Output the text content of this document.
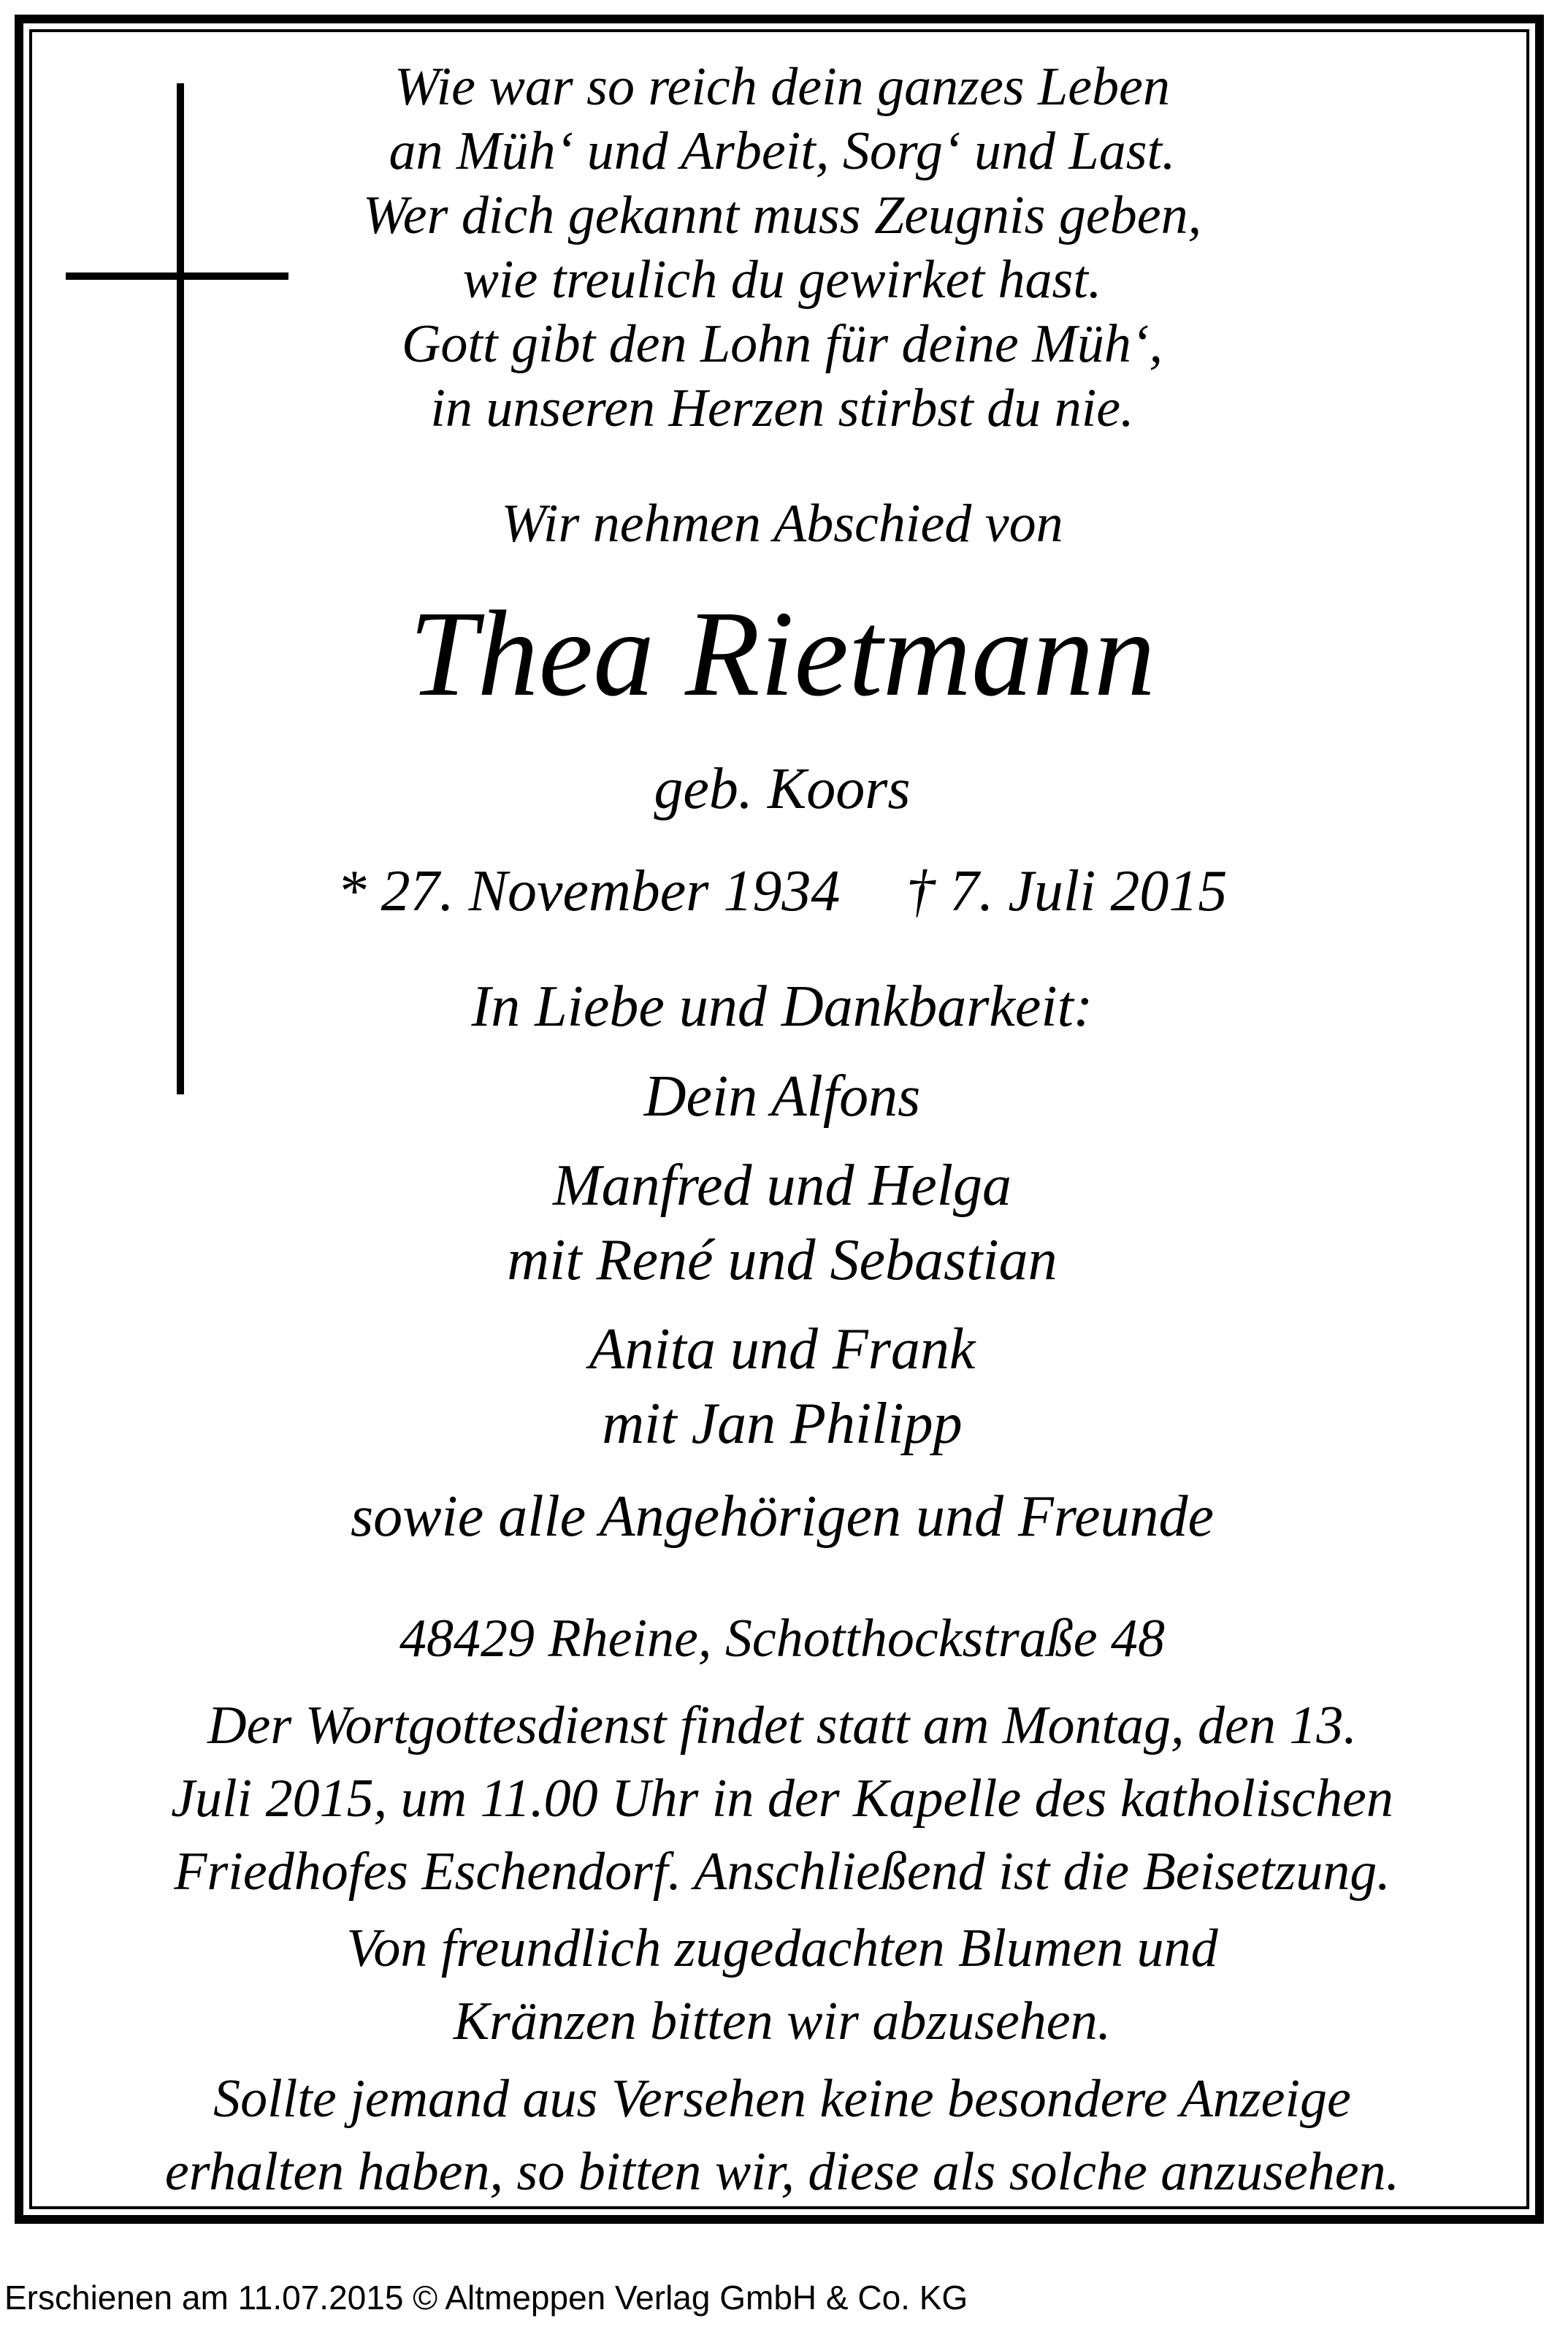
Wie war so reich dein ganzes Leben
an Müh‘ und Arbeit, Sorg‘ und Last.
Wer dich gekannt muss Zeugnis geben,
wie treulich du gewirket hast.
Gott gibt den Lohn für deine Müh‘,
in unseren Herzen stirbst du nie.
Wir nehmen Abschied von
Thea Rietmann
geb. Koors
* 27. November 1934 † 7. Juli 2015
In Liebe und Dankbarkeit:
Dein Alfons
Manfred und Helga
mit René und Sebastian
Anita und Frank
mit Jan Philipp
sowie alle Angehörigen und Freunde
48429 Rheine, Schotthockstraße 48
Der Wortgottesdienst findet statt am Montag, den 13.
Juli 2015, um 11.00 Uhr in der Kapelle des katholischen
Friedhofes Eschendorf. Anschließend ist die Beisetzung.
Von freundlich zugedachten Blumen und
Kränzen bitten wir abzusehen.
Sollte jemand aus Versehen keine besondere Anzeige
erhalten haben, so bitten wir, diese als solche anzusehen.
Erschienen am 11.07.2015 © Altmeppen Verlag GmbH & Co. KG
